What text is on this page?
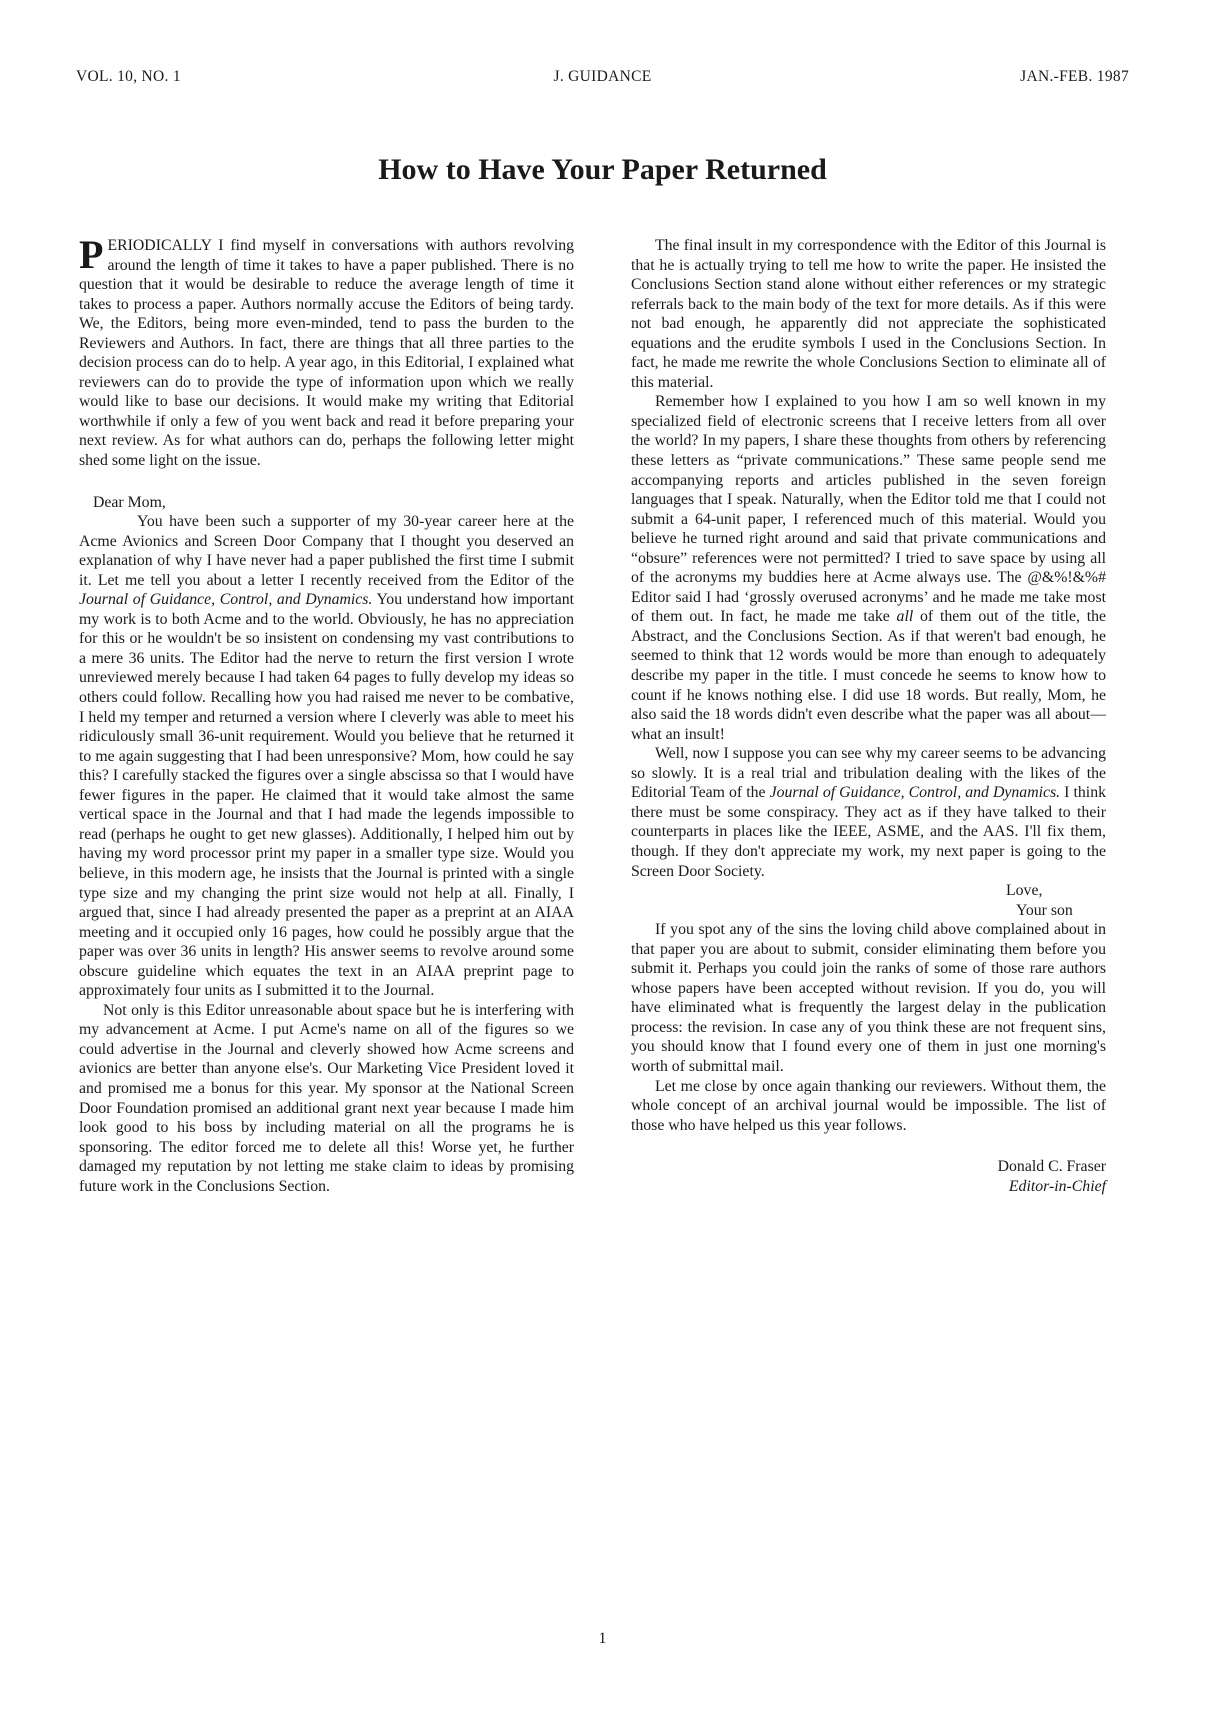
VOL. 10, NO. 1	J. GUIDANCE	JAN.-FEB. 1987
How to Have Your Paper Returned

PERIODICALLY I find myself in conversations with authors revolving around the length of time it takes to have a paper published. There is no question that it would be desirable to reduce the average length of time it takes to process a paper. Authors normally accuse the Editors of being tardy. We, the Editors, being more even-minded, tend to pass the burden to the Reviewers and Authors. In fact, there are things that all three parties to the decision process can do to help. A year ago, in this Editorial, I explained what reviewers can do to provide the type of information upon which we really would like to base our decisions. It would make my writing that Editorial worthwhile if only a few of you went back and read it before preparing your next review. As for what authors can do, perhaps the following letter might shed some light on the issue.

Dear Mom,

You have been such a supporter of my 30-year career here at the Acme Avionics and Screen Door Company that I thought you deserved an explanation of why I have never had a paper published the first time I submit it. Let me tell you about a letter I recently received from the Editor of the Journal of Guidance, Control, and Dynamics. You understand how important my work is to both Acme and to the world. Obviously, he has no appreciation for this or he wouldn't be so insistent on condensing my vast contributions to a mere 36 units. The Editor had the nerve to return the first version I wrote unreviewed merely because I had taken 64 pages to fully develop my ideas so others could follow. Recalling how you had raised me never to be combative, I held my temper and returned a version where I cleverly was able to meet his ridiculously small 36-unit requirement. Would you believe that he returned it to me again suggesting that I had been unresponsive? Mom, how could he say this? I carefully stacked the figures over a single abscissa so that I would have fewer figures in the paper. He claimed that it would take almost the same vertical space in the Journal and that I had made the legends impossible to read (perhaps he ought to get new glasses). Additionally, I helped him out by having my word processor print my paper in a smaller type size. Would you believe, in this modern age, he insists that the Journal is printed with a single type size and my changing the print size would not help at all. Finally, I argued that, since I had already presented the paper as a preprint at an AIAA meeting and it occupied only 16 pages, how could he possibly argue that the paper was over 36 units in length? His answer seems to revolve around some obscure guideline which equates the text in an AIAA preprint page to approximately four units as I submitted it to the Journal.

Not only is this Editor unreasonable about space but he is interfering with my advancement at Acme. I put Acme's name on all of the figures so we could advertise in the Journal and cleverly showed how Acme screens and avionics are better than anyone else's. Our Marketing Vice President loved it and promised me a bonus for this year. My sponsor at the National Screen Door Foundation promised an additional grant next year because I made him look good to his boss by including material on all the programs he is sponsoring. The editor forced me to delete all this! Worse yet, he further damaged my reputation by not letting me stake claim to ideas by promising future work in the Conclusions Section.

The final insult in my correspondence with the Editor of this Journal is that he is actually trying to tell me how to write the paper. He insisted the Conclusions Section stand alone without either references or my strategic referrals back to the main body of the text for more details. As if this were not bad enough, he apparently did not appreciate the sophisticated equations and the erudite symbols I used in the Conclusions Section. In fact, he made me rewrite the whole Conclusions Section to eliminate all of this material.

Remember how I explained to you how I am so well known in my specialized field of electronic screens that I receive letters from all over the world? In my papers, I share these thoughts from others by referencing these letters as “private communications.” These same people send me accompanying reports and articles published in the seven foreign languages that I speak. Naturally, when the Editor told me that I could not submit a 64-unit paper, I referenced much of this material. Would you believe he turned right around and said that private communications and “obsure” references were not permitted? I tried to save space by using all of the acronyms my buddies here at Acme always use. The @&%!&%# Editor said I had ‘grossly overused acronyms’ and he made me take most of them out. In fact, he made me take all of them out of the title, the Abstract, and the Conclusions Section. As if that weren't bad enough, he seemed to think that 12 words would be more than enough to adequately describe my paper in the title. I must concede he seems to know how to count if he knows nothing else. I did use 18 words. But really, Mom, he also said the 18 words didn't even describe what the paper was all about—what an insult!

Well, now I suppose you can see why my career seems to be advancing so slowly. It is a real trial and tribulation dealing with the likes of the Editorial Team of the Journal of Guidance, Control, and Dynamics. I think there must be some conspiracy. They act as if they have talked to their counterparts in places like the IEEE, ASME, and the AAS. I'll fix them, though. If they don't appreciate my work, my next paper is going to the Screen Door Society.

Love,

Your son

If you spot any of the sins the loving child above complained about in that paper you are about to submit, consider eliminating them before you submit it. Perhaps you could join the ranks of some of those rare authors whose papers have been accepted without revision. If you do, you will have eliminated what is frequently the largest delay in the publication process: the revision. In case any of you think these are not frequent sins, you should know that I found every one of them in just one morning's worth of submittal mail.

Let me close by once again thanking our reviewers. Without them, the whole concept of an archival journal would be impossible. The list of those who have helped us this year follows.

Donald C. Fraser
Editor-in-Chief
1
